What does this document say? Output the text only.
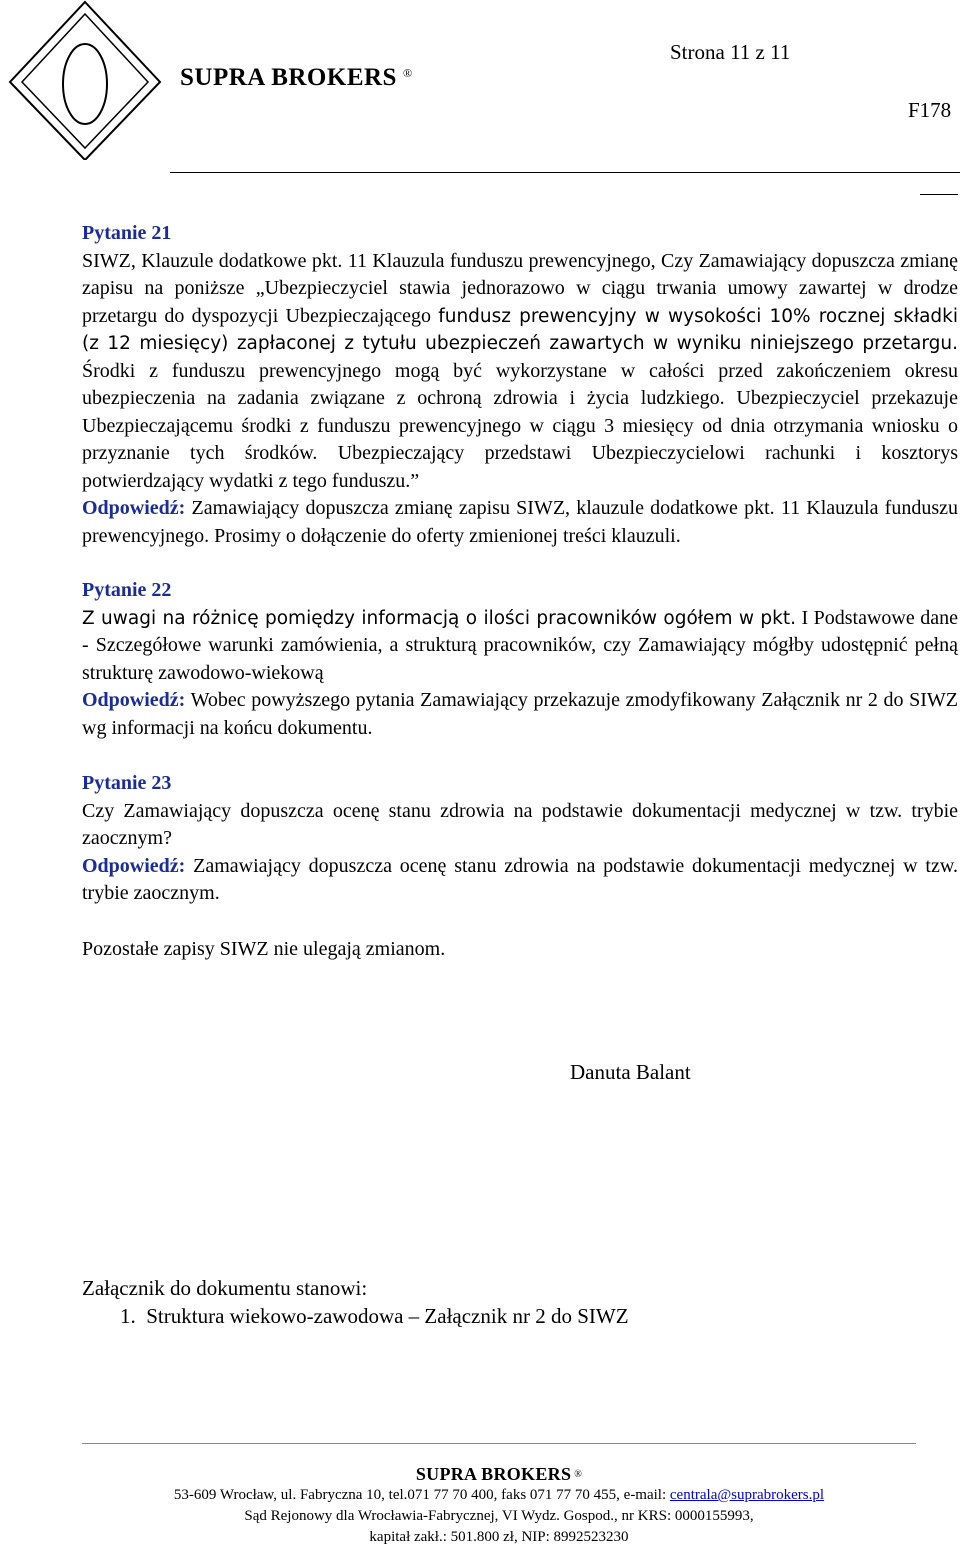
SUPRA BROKERS ®
Strona 11 z 11
F178

Pytanie 21

SIWZ, Klauzule dodatkowe pkt. 11 Klauzula funduszu prewencyjnego, Czy Zamawiający dopuszcza zmianę zapisu na poniższe „Ubezpieczyciel stawia jednorazowo w ciągu trwania umowy zawartej w drodze przetargu do dyspozycji Ubezpieczającego fundusz prewencyjny w wysokości 10% rocznej składki (z 12 miesięcy) zapłaconej z tytułu ubezpieczeń zawartych w wyniku niniejszego przetargu. Środki z funduszu prewencyjnego mogą być wykorzystane w całości przed zakończeniem okresu ubezpieczenia na zadania związane z ochroną zdrowia i życia ludzkiego. Ubezpieczyciel przekazuje Ubezpieczającemu środki z funduszu prewencyjnego w ciągu 3 miesięcy od dnia otrzymania wniosku o przyznanie tych środków. Ubezpieczający przedstawi Ubezpieczycielowi rachunki i kosztorys potwierdzający wydatki z tego funduszu.”

Odpowiedź: Zamawiający dopuszcza zmianę zapisu SIWZ, klauzule dodatkowe pkt. 11 Klauzula funduszu prewencyjnego. Prosimy o dołączenie do oferty zmienionej treści klauzuli.

Pytanie 22

Z uwagi na różnicę pomiędzy informacją o ilości pracowników ogółem w pkt. I Podstawowe dane - Szczegółowe warunki zamówienia, a strukturą pracowników, czy Zamawiający mógłby udostępnić pełną strukturę zawodowo-wiekową

Odpowiedź: Wobec powyższego pytania Zamawiający przekazuje zmodyfikowany Załącznik nr 2 do SIWZ wg informacji na końcu dokumentu.

Pytanie 23

Czy Zamawiający dopuszcza ocenę stanu zdrowia na podstawie dokumentacji medycznej w tzw. trybie zaocznym?

Odpowiedź: Zamawiający dopuszcza ocenę stanu zdrowia na podstawie dokumentacji medycznej w tzw. trybie zaocznym.

Pozostałe zapisy SIWZ nie ulegają zmianom.

Danuta Balant
Załącznik do dokumentu stanowi:
1. Struktura wiekowo-zawodowa – Załącznik nr 2 do SIWZ
SUPRA BROKERS ®
53-609 Wrocław, ul. Fabryczna 10, tel.071 77 70 400, faks 071 77 70 455, e-mail: centrala@suprabrokers.pl
Sąd Rejonowy dla Wrocławia-Fabrycznej, VI Wydz. Gospod., nr KRS: 0000155993,
kapitał zakł.: 501.800 zł, NIP: 8992523230
